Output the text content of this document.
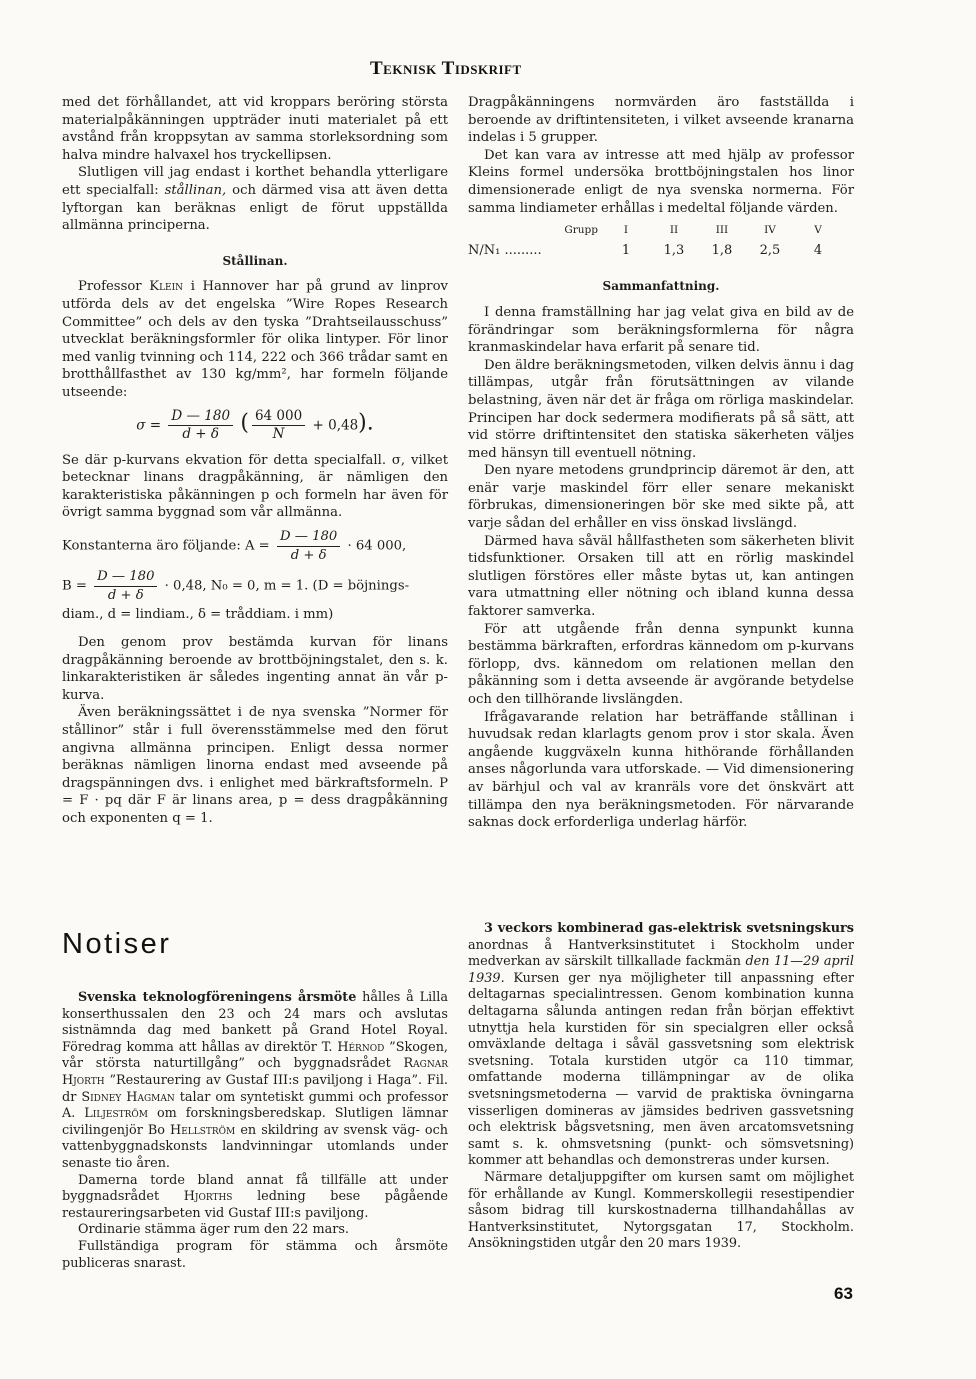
Teknisk Tidskrift

med det förhållandet, att vid kroppars beröring största materialpåkänningen uppträder inuti materialet på ett avstånd från kroppsytan av samma storleksordning som halva mindre halvaxel hos tryckellipsen.

Slutligen vill jag endast i korthet behandla ytterligare ett specialfall: stållinan, och därmed visa att även detta lyftorgan kan beräknas enligt de förut uppställda allmänna principerna.

Stållinan.

Professor Klein i Hannover har på grund av linprov utförda dels av det engelska ”Wire Ropes Research Committee” och dels av den tyska ”Drahtseilausschuss” utvecklat beräkningsformler för olika lintyper. För linor med vanlig tvinning och 114, 222 och 366 trådar samt en brotthållfasthet av 130 kg/mm², har formeln följande utseende:

$\sigma = \frac{D — 180}{d + \delta}$ ( $\frac{64 000}{N} + 0,48$).

Se där p-kurvans ekvation för detta specialfall. σ, vilket betecknar linans dragpåkänning, är nämligen den karakteristiska påkänningen p och formeln har även för övrigt samma byggnad som vår allmänna.

Konstanterna äro följande: $A = \frac{D — 180}{d + \delta} \cdot 64$ 000,
$B = \frac{D — 180}{d + \delta} \cdot 0,48$, N₀ = 0, m = 1. (D = böjnings-

diam., d = lindiam., δ = tråddiam. i mm)

Den genom prov bestämda kurvan för linans dragpåkänning beroende av brottböjningstalet, den s. k. linkarakteristiken är således ingenting annat än vår p-kurva.

Även beräkningssättet i de nya svenska ”Normer för stållinor” står i full överensstämmelse med den förut angivna allmänna principen. Enligt dessa normer beräknas nämligen linorna endast med avseende på dragspänningen dvs. i enlighet med bärkraftsformeln. P = F · pq där F är linans area, p = dess dragpåkänning och exponenten q = 1.

Dragpåkänningens normvärden äro fastställda i beroende av driftintensiteten, i vilket avseende kranarna indelas i 5 grupper.

Det kan vara av intresse att med hjälp av professor Kleins formel undersöka brottböjningstalen hos linor dimensionerade enligt de nya svenska normerna. För samma lindiameter erhållas i medeltal följande värden.

Grupp	I	II	III	IV	V
N/N₁ .........	1	1,3	1,8	2,5	4
Sammanfattning.

I denna framställning har jag velat giva en bild av de förändringar som beräkningsformlerna för några kranmaskindelar hava erfarit på senare tid.

Den äldre beräkningsmetoden, vilken delvis ännu i dag tillämpas, utgår från förutsättningen av vilande belastning, även när det är fråga om rörliga maskindelar. Principen har dock sedermera modifierats på så sätt, att vid större driftintensitet den statiska säkerheten väljes med hänsyn till eventuell nötning.

Den nyare metodens grundprincip däremot är den, att enär varje maskindel förr eller senare mekaniskt förbrukas, dimensioneringen bör ske med sikte på, att varje sådan del erhåller en viss önskad livslängd.

Därmed hava såväl hållfastheten som säkerheten blivit tidsfunktioner. Orsaken till att en rörlig maskindel slutligen förstöres eller måste bytas ut, kan antingen vara utmattning eller nötning och ibland kunna dessa faktorer samverka.

För att utgående från denna synpunkt kunna bestämma bärkraften, erfordras kännedom om p-kurvans förlopp, dvs. kännedom om relationen mellan den påkänning som i detta avseende är avgörande betydelse och den tillhörande livslängden.

Ifrågavarande relation har beträffande stållinan i huvudsak redan klarlagts genom prov i stor skala. Även angående kuggväxeln kunna hithörande förhållanden anses någorlunda vara utforskade. — Vid dimensionering av bärhjul och val av kranräls vore det önskvärt att tillämpa den nya beräkningsmetoden. För närvarande saknas dock erforderliga underlag härför.

Notiser

Svenska teknologföreningens årsmöte hålles å Lilla konserthussalen den 23 och 24 mars och avslutas sistnämnda dag med bankett på Grand Hotel Royal. Föredrag komma att hållas av direktör T. Hérnod ”Skogen, vår största naturtillgång” och byggnadsrådet Ragnar Hjorth ”Restaurering av Gustaf III:s paviljong i Haga”. Fil. dr Sidney Hagman talar om syntetiskt gummi och professor A. Liljeström om forskningsberedskap. Slutligen lämnar civilingenjör Bo Hellström en skildring av svensk väg- och vattenbyggnadskonsts landvinningar utomlands under senaste tio åren.

Damerna torde bland annat få tillfälle att under byggnadsrådet Hjorths ledning bese pågående restaureringsarbeten vid Gustaf III:s paviljong.

Ordinarie stämma äger rum den 22 mars.

Fullständiga program för stämma och årsmöte publiceras snarast.

3 veckors kombinerad gas-elektrisk svetsningskurs anordnas å Hantverksinstitutet i Stockholm under medverkan av särskilt tillkallade fackmän den 11—29 april 1939. Kursen ger nya möjligheter till anpassning efter deltagarnas specialintressen. Genom kombination kunna deltagarna sålunda antingen redan från början effektivt utnyttja hela kurstiden för sin specialgren eller också omväxlande deltaga i såväl gassvetsning som elektrisk svetsning. Totala kurstiden utgör ca 110 timmar, omfattande moderna tillämpningar av de olika svetsningsmetoderna — varvid de praktiska övningarna visserligen domineras av jämsides bedriven gassvetsning och elektrisk bågsvetsning, men även arcatomsvetsning samt s. k. ohmsvetsning (punkt- och sömsvetsning) kommer att behandlas och demonstreras under kursen.

Närmare detaljuppgifter om kursen samt om möjlighet för erhållande av Kungl. Kommerskollegii resestipendier såsom bidrag till kurskostnaderna tillhandahållas av Hantverksinstitutet, Nytorgsgatan 17, Stockholm. Ansökningstiden utgår den 20 mars 1939.

63
